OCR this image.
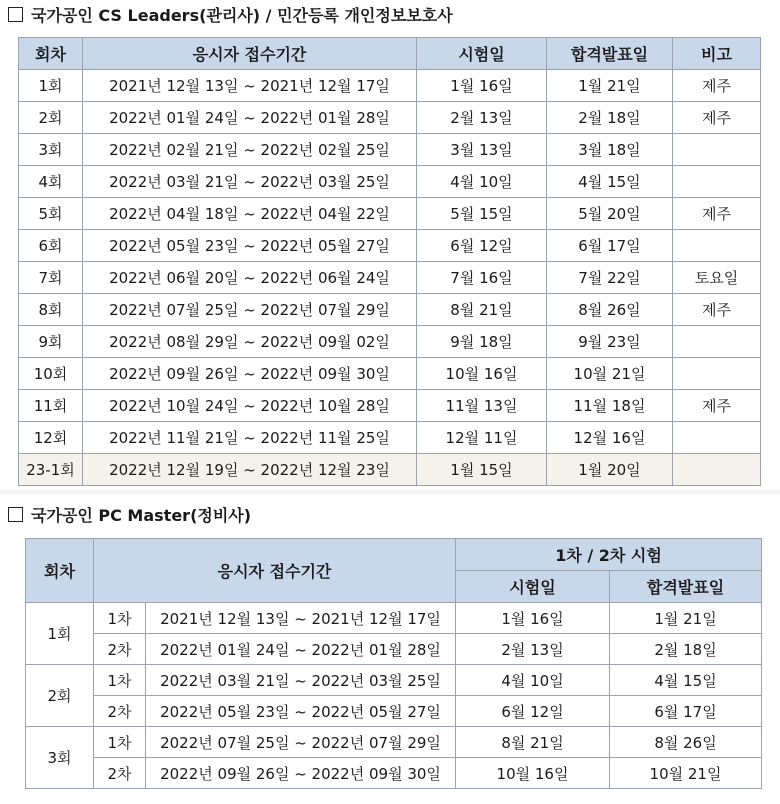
국가공인 CS Leaders(관리사) / 민간등록 개인정보보호사
회차	응시자 접수기간	시험일	합격발표일	비고
1회	2021년 12월 13일 ~ 2021년 12월 17일	1월 16일	1월 21일	제주
2회	2022년 01월 24일 ~ 2022년 01월 28일	2월 13일	2월 18일	제주
3회	2022년 02월 21일 ~ 2022년 02월 25일	3월 13일	3월 18일	
4회	2022년 03월 21일 ~ 2022년 03월 25일	4월 10일	4월 15일	
5회	2022년 04월 18일 ~ 2022년 04월 22일	5월 15일	5월 20일	제주
6회	2022년 05월 23일 ~ 2022년 05월 27일	6월 12일	6월 17일	
7회	2022년 06월 20일 ~ 2022년 06월 24일	7월 16일	7월 22일	토요일
8회	2022년 07월 25일 ~ 2022년 07월 29일	8월 21일	8월 26일	제주
9회	2022년 08월 29일 ~ 2022년 09월 02일	9월 18일	9월 23일	
10회	2022년 09월 26일 ~ 2022년 09월 30일	10월 16일	10월 21일	
11회	2022년 10월 24일 ~ 2022년 10월 28일	11월 13일	11월 18일	제주
12회	2022년 11월 21일 ~ 2022년 11월 25일	12월 11일	12월 16일	
23-1회	2022년 12월 19일 ~ 2022년 12월 23일	1월 15일	1월 20일	
국가공인 PC Master(정비사)
회차	응시자 접수기간		1차 / 2차 시험	
			시험일	합격발표일
1회	1차	2021년 12월 13일 ~ 2021년 12월 17일	1월 16일	1월 21일
	2차	2022년 01월 24일 ~ 2022년 01월 28일	2월 13일	2월 18일
2회	1차	2022년 03월 21일 ~ 2022년 03월 25일	4월 10일	4월 15일
	2차	2022년 05월 23일 ~ 2022년 05월 27일	6월 12일	6월 17일
3회	1차	2022년 07월 25일 ~ 2022년 07월 29일	8월 21일	8월 26일
	2차	2022년 09월 26일 ~ 2022년 09월 30일	10월 16일	10월 21일
